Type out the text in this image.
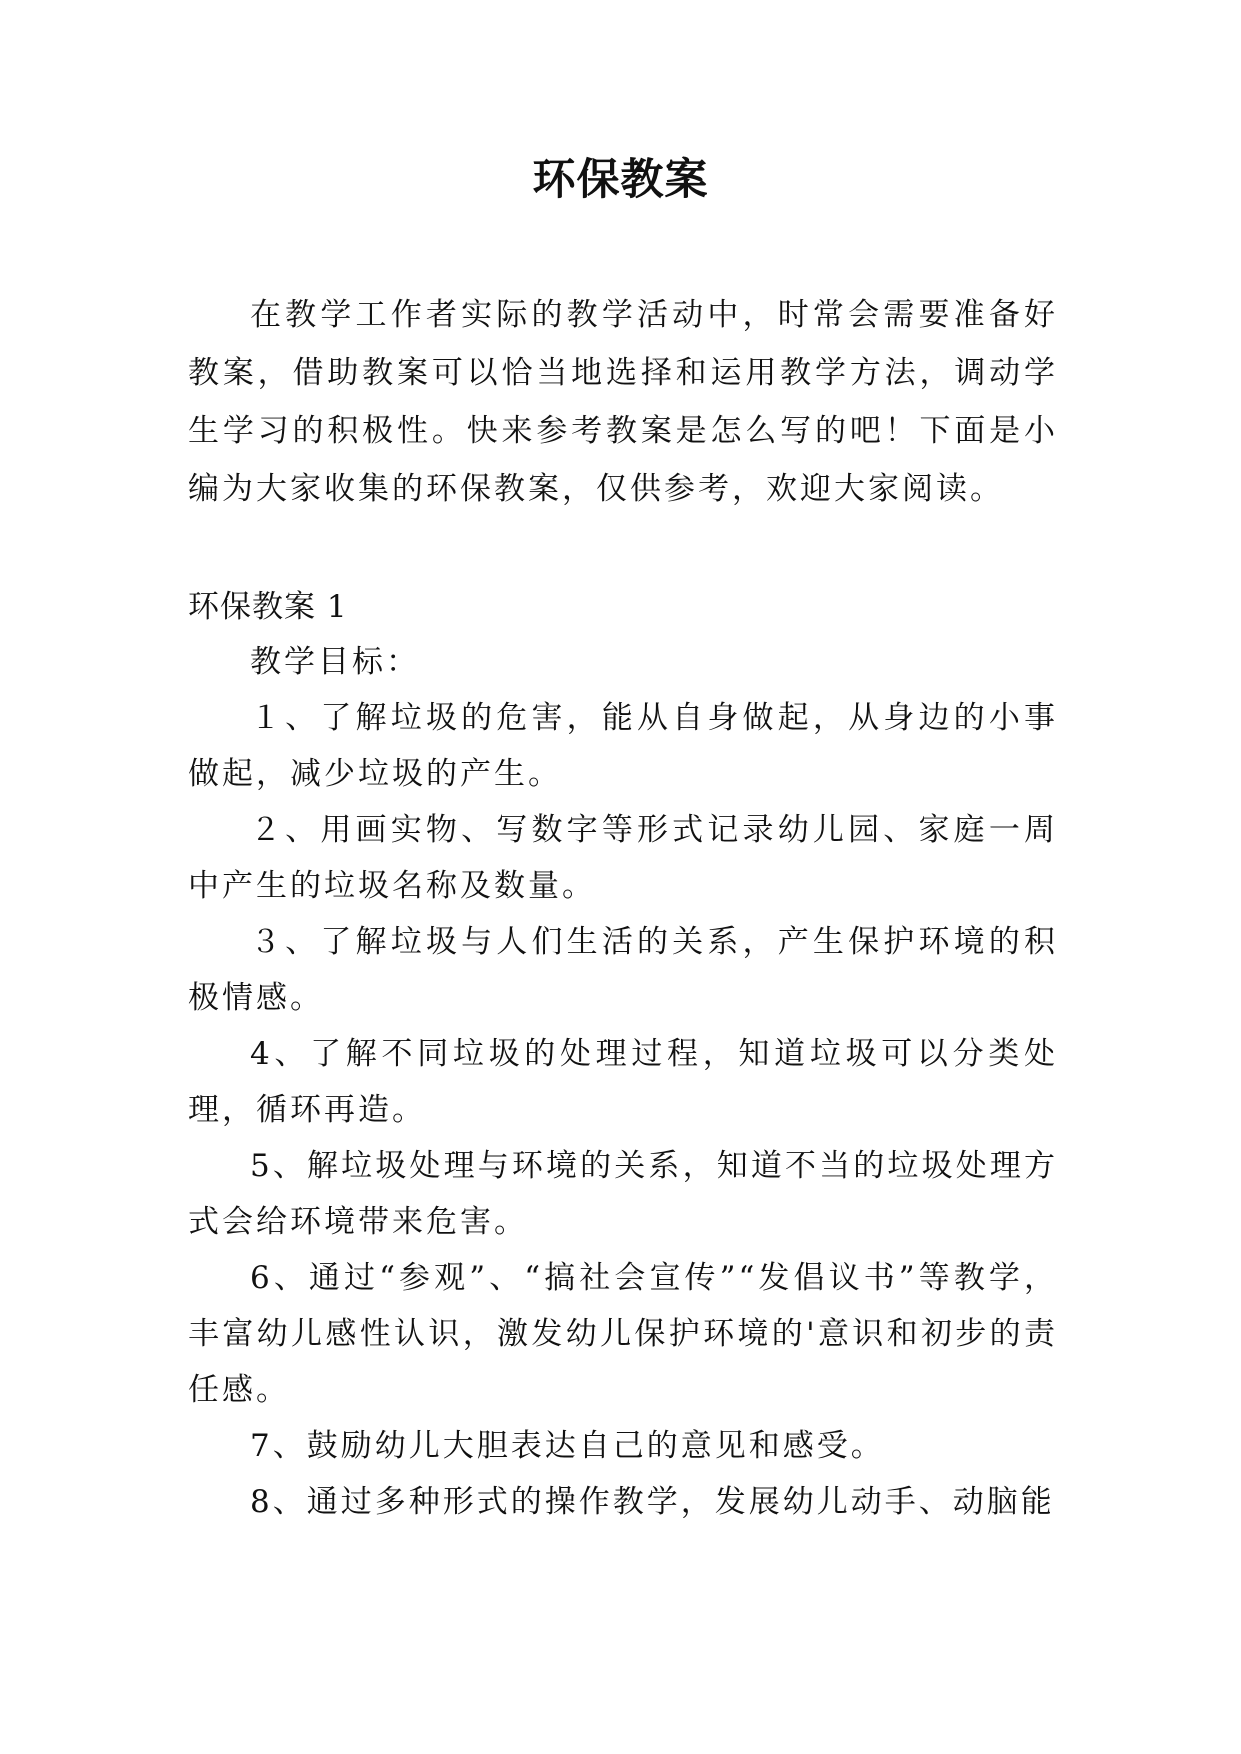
环保教案

在教学工作者实际的教学活动中，时常会需要准备好教案，借助教案可以恰当地选择和运用教学方法，调动学生学习的积极性。快来参考教案是怎么写的吧！下面是小编为大家收集的环保教案，仅供参考，欢迎大家阅读。

环保教案 1

教学目标：

１、了解垃圾的危害，能从自身做起，从身边的小事做起，减少垃圾的产生。

２、用画实物、写数字等形式记录幼儿园、家庭一周中产生的垃圾名称及数量。

３、了解垃圾与人们生活的关系，产生保护环境的积极情感。

4、了解不同垃圾的处理过程，知道垃圾可以分类处理，循环再造。

5、解垃圾处理与环境的关系，知道不当的垃圾处理方式会给环境带来危害。

6、通过“参观”、“搞社会宣传”“发倡议书”等教学，丰富幼儿感性认识，激发幼儿保护环境的'意识和初步的责任感。

7、鼓励幼儿大胆表达自己的意见和感受。

8、通过多种形式的操作教学，发展幼儿动手、动脑能
